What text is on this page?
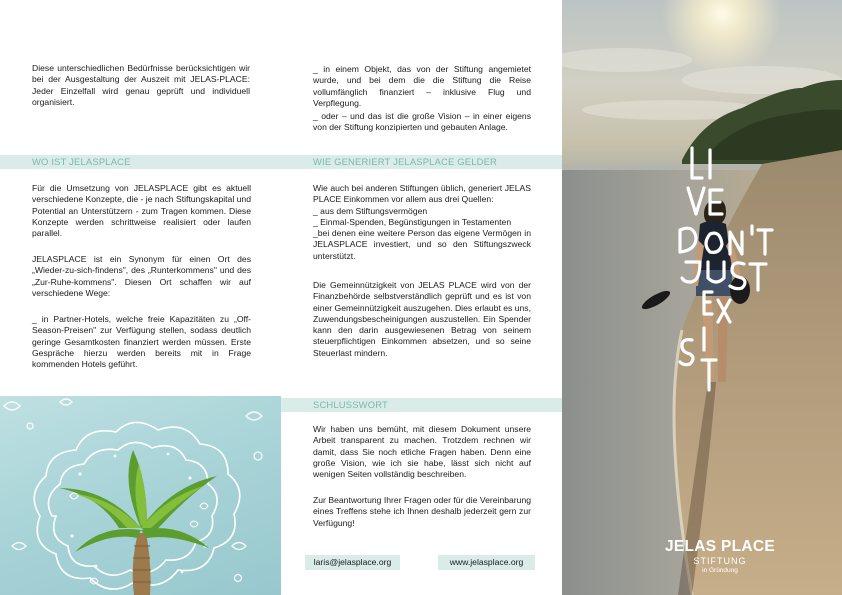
Diese unterschiedlichen Bedürfnisse berücksichtigen wir bei der Ausgestaltung der Auszeit mit JELAS-PLACE: Jeder Einzelfall wird genau geprüft und individuell organisiert.

WO IST JELASPLACE

Für die Umsetzung von JELASPLACE gibt es aktuell verschiedene Konzepte, die - je nach Stiftungskapital und Potential an Unterstützern - zum Tragen kommen. Diese Konzepte werden schrittweise realisiert oder laufen parallel.

JELASPLACE ist ein Synonym für einen Ort des „Wieder-zu-sich-findens", des „Runterkommens" und des „Zur-Ruhe-kommens". Diesen Ort schaffen wir auf verschiedene Wege:

_ in Partner-Hotels, welche freie Kapazitäten zu „Off-Season-Preisen" zur Verfügung stellen, sodass deutlich geringe Gesamtkosten finanziert werden müssen. Erste Gespräche hierzu werden bereits mit in Frage kommenden Hotels geführt.

_ in einem Objekt, das von der Stiftung angemietet wurde, und bei dem die die Stiftung die Reise vollumfänglich finanziert – inklusive Flug und Verpflegung.

_ oder – und das ist die große Vision – in einer eigens von der Stiftung konzipierten und gebauten Anlage.

WIE GENERIERT JELASPLACE GELDER

Wie auch bei anderen Stiftungen üblich, generiert JELAS PLACE Einkommen vor allem aus drei Quellen:
_ aus dem Stiftungsvermögen
_ Einmal-Spenden, Begünstigungen in Testamenten
_bei denen eine weitere Person das eigene Vermögen in JELASPLACE investiert, und so den Stiftungszweck unterstützt.

Die Gemeinnützigkeit von JELAS PLACE wird von der Finanzbehörde selbstverständlich geprüft und es ist von einer Gemeinnützigkeit auszugehen. Dies erlaubt es uns, Zuwendungsbescheinigungen auszustellen. Ein Spender kann den darin ausgewiesenen Betrag von seinem steuerpflichtigen Einkommen absetzen, und so seine Steuerlast mindern.

SCHLUSSWORT

Wir haben uns bemüht, mit diesem Dokument unsere Arbeit transparent zu machen. Trotzdem rechnen wir damit, dass Sie noch etliche Fragen haben. Denn eine große Vision, wie ich sie habe, lässt sich nicht auf wenigen Seiten vollständig beschreiben.

Zur Beantwortung Ihrer Fragen oder für die Vereinbarung eines Treffens stehe ich Ihnen deshalb jederzeit gern zur Verfügung!

laris@jelasplace.org	www.jelasplace.org
JELAS PLACE
STIFTUNG
in Gründung
